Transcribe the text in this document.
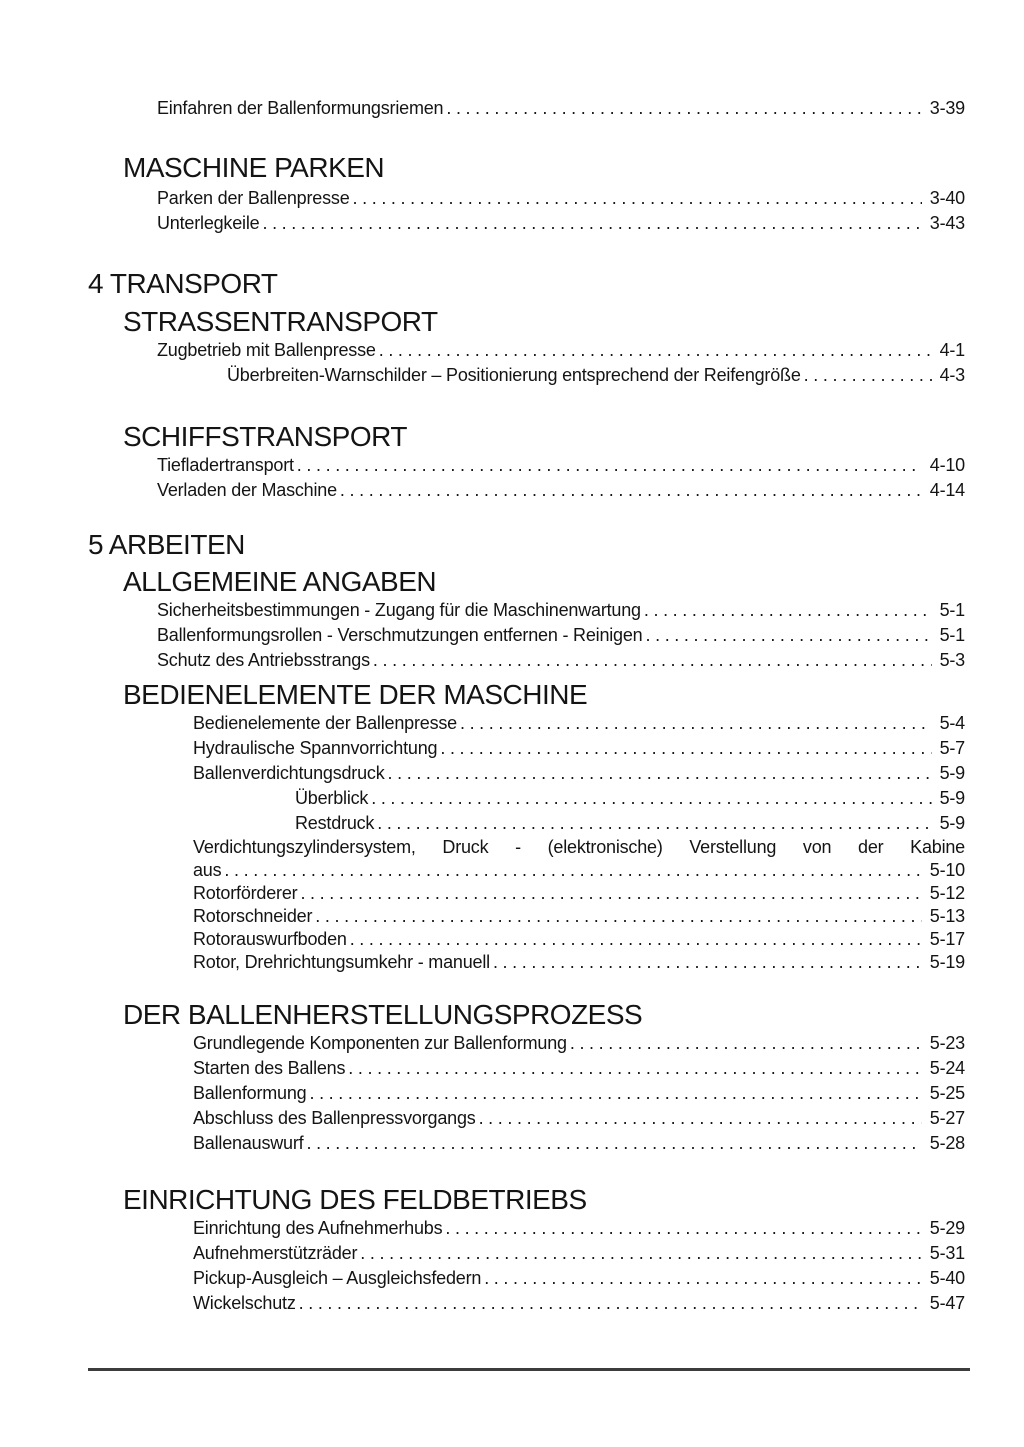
Einfahren der Ballenformungsriemen .....	3-39
MASCHINE PARKEN
Parken der Ballenpresse .....	3-40
Unterlegkeile .....	3-43
4 TRANSPORT
STRASSENTRANSPORT
Zugbetrieb mit Ballenpresse .....	4-1
Überbreiten-Warnschilder – Positionierung entsprechend der Reifengröße .....	4-3
SCHIFFSTRANSPORT
Tiefladertransport .....	4-10
Verladen der Maschine .....	4-14
5 ARBEITEN
ALLGEMEINE ANGABEN
Sicherheitsbestimmungen - Zugang für die Maschinenwartung .....	5-1
Ballenformungsrollen - Verschmutzungen entfernen - Reinigen .....	5-1
Schutz des Antriebsstrangs .....	5-3
BEDIENELEMENTE DER MASCHINE
Bedienelemente der Ballenpresse .....	5-4
Hydraulische Spannvorrichtung .....	5-7
Ballenverdichtungsdruck .....	5-9
Überblick .....	5-9
Restdruck .....	5-9
Verdichtungszylindersystem, Druck - (elektronische) Verstellung von der Kabine
aus .....	5-10
Rotorförderer .....	5-12
Rotorschneider .....	5-13
Rotorauswurfboden .....	5-17
Rotor, Drehrichtungsumkehr - manuell .....	5-19
DER BALLENHERSTELLUNGSPROZESS
Grundlegende Komponenten zur Ballenformung .....	5-23
Starten des Ballens .....	5-24
Ballenformung .....	5-25
Abschluss des Ballenpressvorgangs .....	5-27
Ballenauswurf .....	5-28
EINRICHTUNG DES FELDBETRIEBS
Einrichtung des Aufnehmerhubs .....	5-29
Aufnehmerstützräder .....	5-31
Pickup-Ausgleich – Ausgleichsfedern .....	5-40
Wickelschutz .....	5-47
